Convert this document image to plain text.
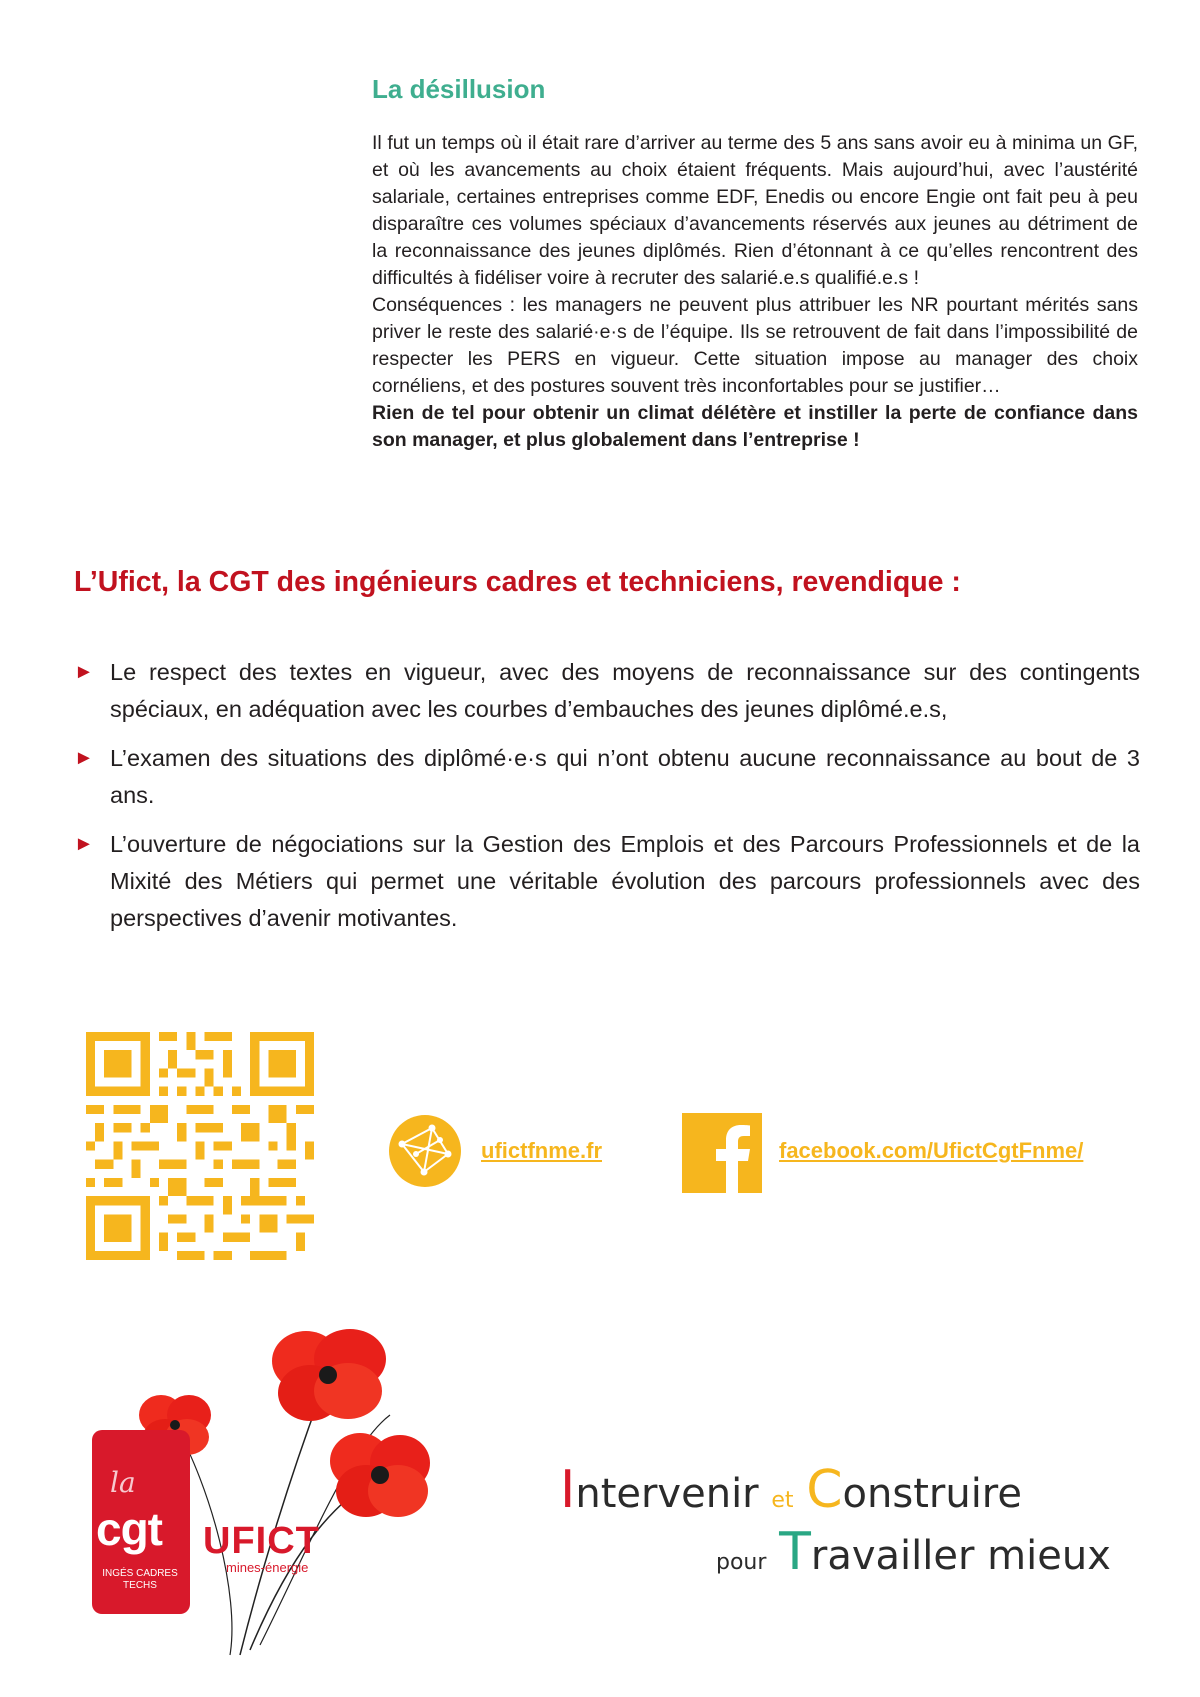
La désillusion

Il fut un temps où il était rare d’arriver au terme des 5 ans sans avoir eu à minima un GF, et où les avancements au choix étaient fréquents. Mais aujourd’hui, avec l’austérité salariale, certaines entreprises comme EDF, Enedis ou encore Engie ont fait peu à peu disparaître ces volumes spéciaux d’avancements réservés aux jeunes au détriment de la reconnaissance des jeunes diplômés. Rien d’étonnant à ce qu’elles rencontrent des difficultés à fidéliser voire à recruter des salarié.e.s qualifié.e.s !

Conséquences : les managers ne peuvent plus attribuer les NR pourtant mérités sans priver le reste des salarié·e·s de l’équipe. Ils se retrouvent de fait dans l’impossibilité de respecter les PERS en vigueur. Cette situation impose au manager des choix cornéliens, et des postures souvent très inconfortables pour se justifier…

Rien de tel pour obtenir un climat délétère et instiller la perte de confiance dans son manager, et plus globalement dans l’entreprise !

L’Ufict, la CGT des ingénieurs cadres et techniciens, revendique :
► Le respect des textes en vigueur, avec des moyens de reconnaissance sur des contingents spéciaux, en adéquation avec les courbes d’embauches des jeunes diplômé.e.s,
► L’examen des situations des diplômé·e·s qui n’ont obtenu aucune reconnaissance au bout de 3 ans.
► L’ouverture de négociations sur la Gestion des Emplois et des Parcours Professionnels et de la Mixité des Métiers qui permet une véritable évolution des parcours professionnels avec des perspectives d’avenir motivantes.
ufictfnme.fr	facebook.com/UfictCgtFnme/
la
cgt
INGÉS CADRES TECHS
UFICT
mines-énergie
Intervenir et Construire
pour Travailler mieux
